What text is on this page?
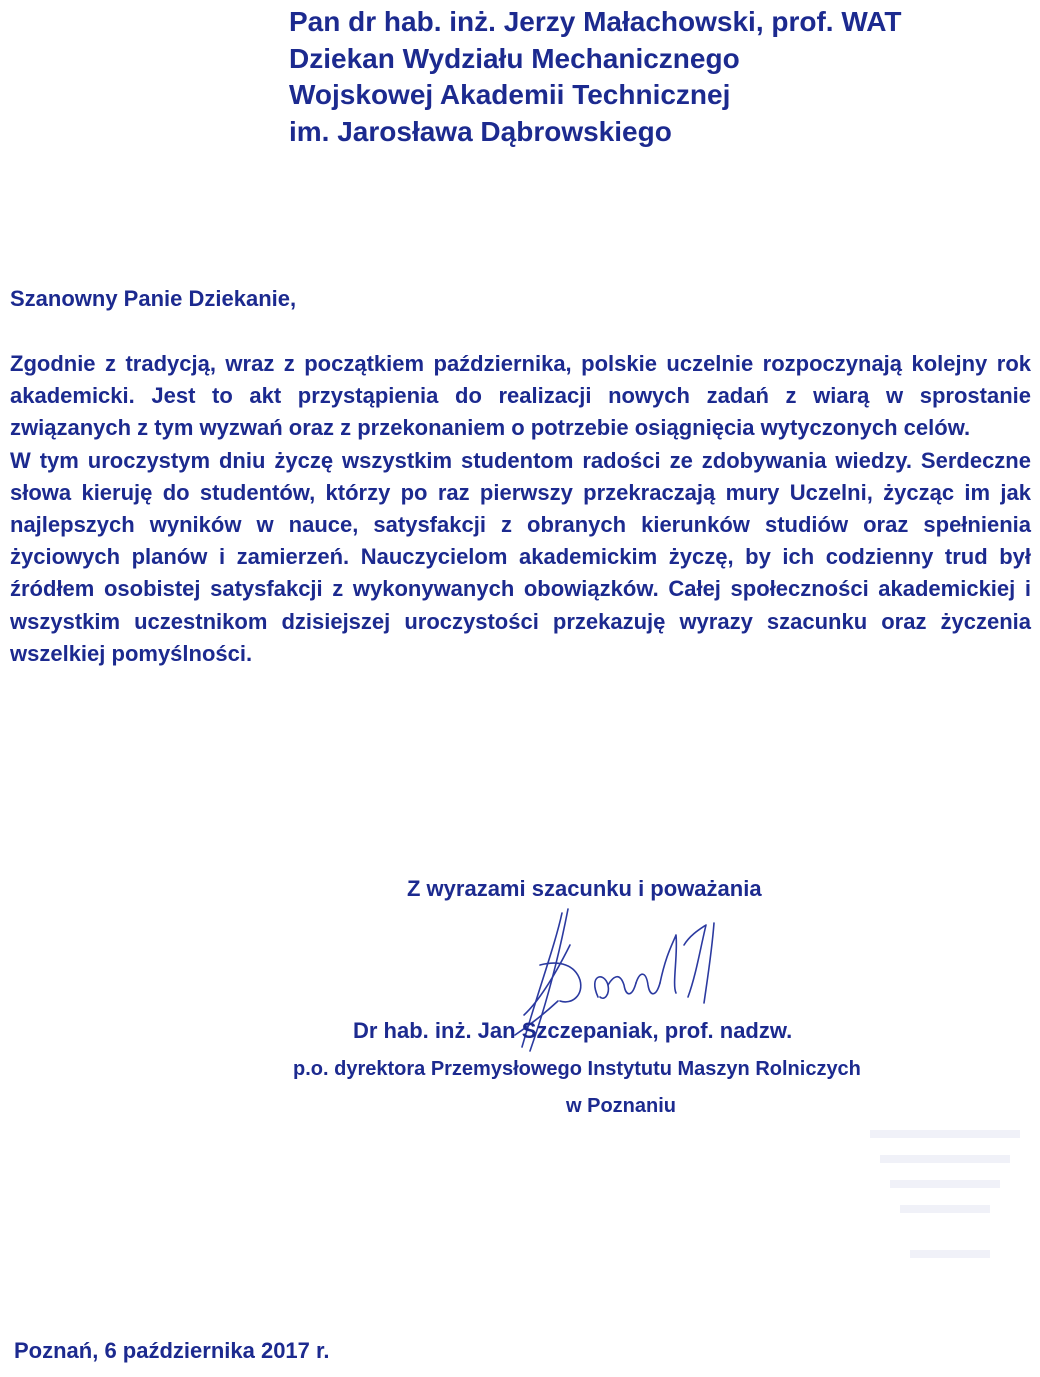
Pan dr hab. inż. Jerzy Małachowski, prof. WAT
Dziekan Wydziału Mechanicznego
Wojskowej Akademii Technicznej
im. Jarosława Dąbrowskiego
Szanowny Panie Dziekanie,

Zgodnie z tradycją, wraz z początkiem października, polskie uczelnie rozpoczynają kolejny rok akademicki. Jest to akt przystąpienia do realizacji nowych zadań z wiarą w sprostanie związanych z tym wyzwań oraz z przekonaniem o potrzebie osiągnięcia wytyczonych celów.

W tym uroczystym dniu życzę wszystkim studentom radości ze zdobywania wiedzy. Serdeczne słowa kieruję do studentów, którzy po raz pierwszy przekraczają mury Uczelni, życząc im jak najlepszych wyników w nauce, satysfakcji z obranych kierunków studiów oraz spełnienia życiowych planów i zamierzeń. Nauczycielom akademickim życzę, by ich codzienny trud był źródłem osobistej satysfakcji z wykonywanych obowiązków. Całej społeczności akademickiej i wszystkim uczestnikom dzisiejszej uroczystości przekazuję wyrazy szacunku oraz życzenia wszelkiej pomyślności.

Z wyrazami szacunku i poważania
Dr hab. inż. Jan Szczepaniak, prof. nadzw.
p.o. dyrektora Przemysłowego Instytutu Maszyn Rolniczych
w Poznaniu
Poznań, 6 października 2017 r.
